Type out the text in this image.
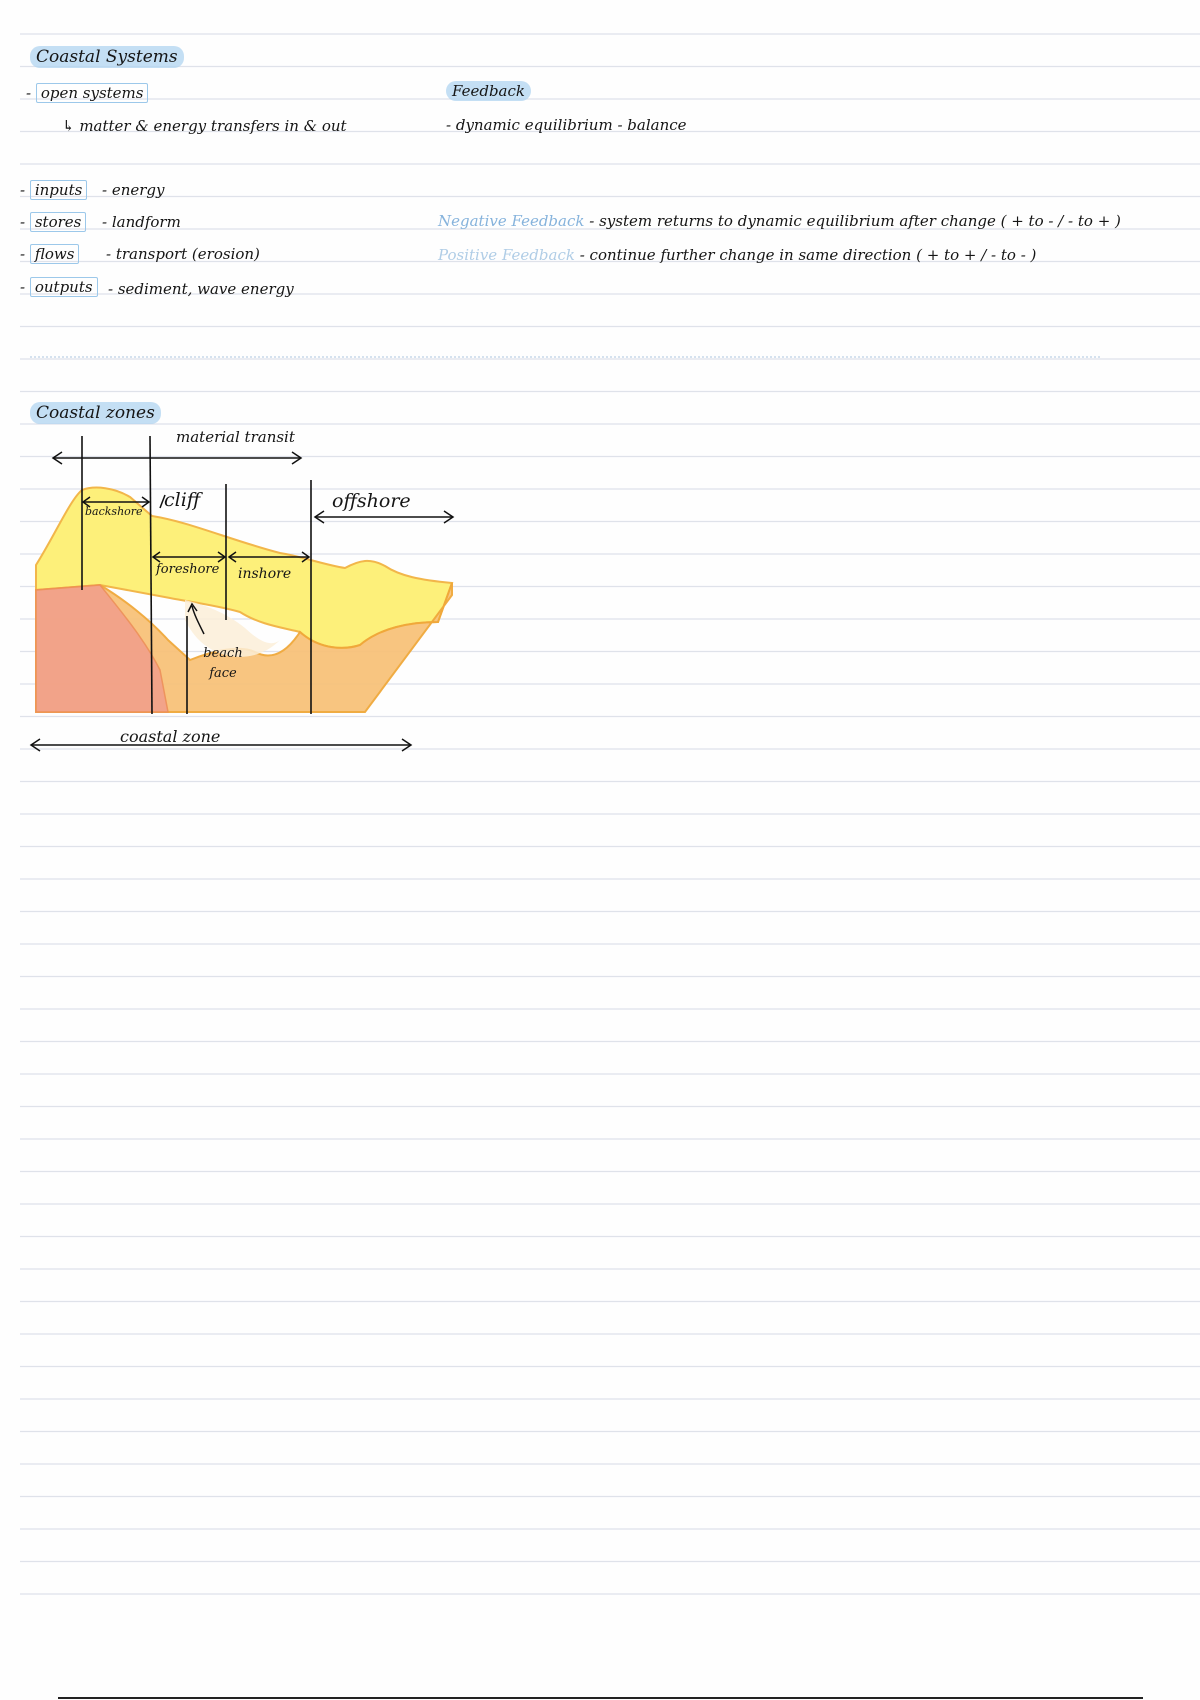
Coastal Systems
- open systems
↳ matter & energy transfers in & out
- inputs	- energy
- stores	- landform
- flows	- transport (erosion)
- outputs	- sediment, wave energy
Feedback
- dynamic equilibrium - balance
Negative Feedback - system returns to dynamic equilibrium after change ( + to - / - to + )
Positive Feedback - continue further change in same direction ( + to + / - to - )
Coastal zones
material transit
backshore
cliff	offshore
foreshore inshore
beach face
coastal zone
